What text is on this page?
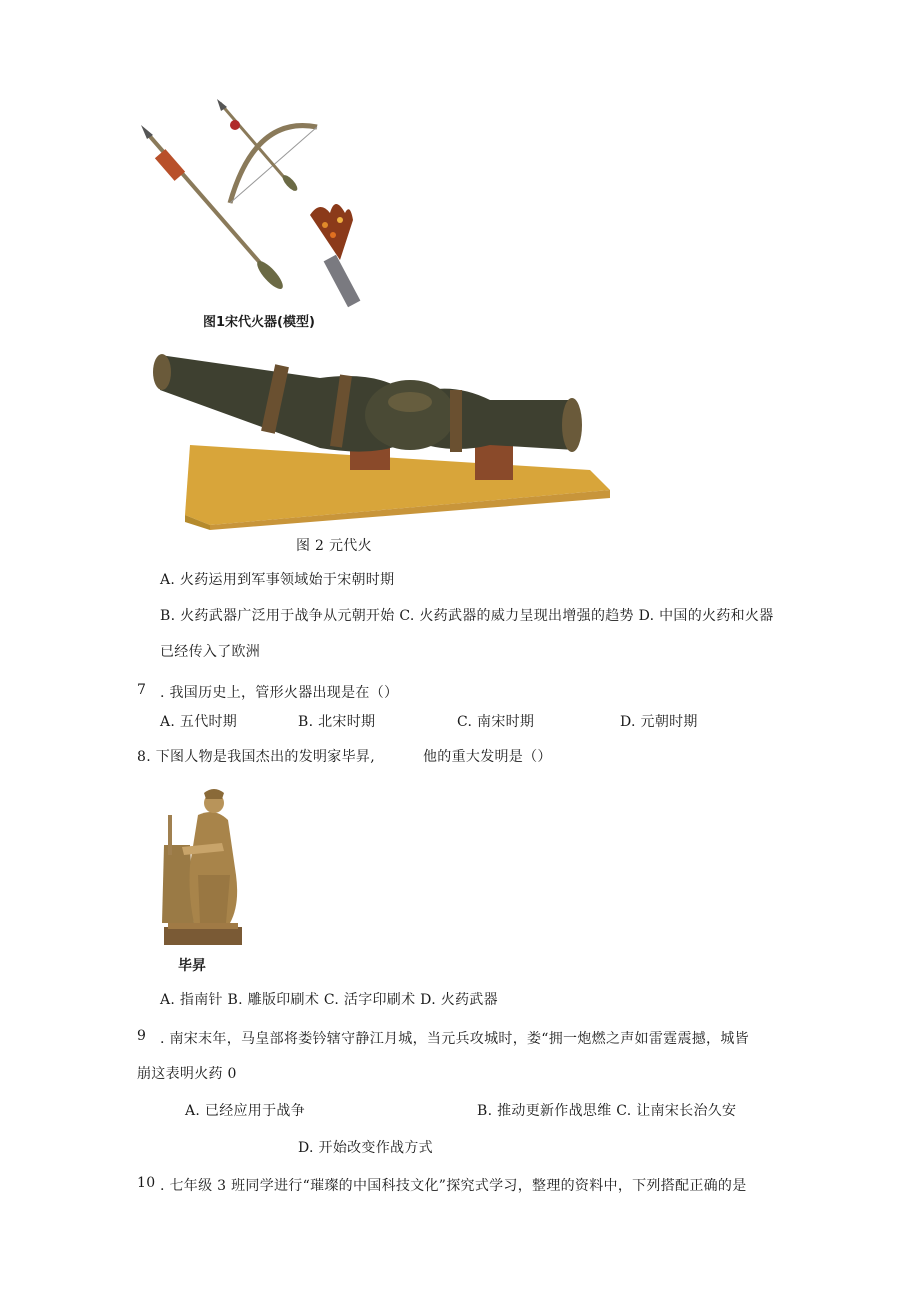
图1宋代火器(模型)
图 2 元代火
A. 火药运用到军事领域始于宋朝时期
B. 火药武器广泛用于战争从元朝开始 C. 火药武器的威力呈现出增强的趋势 D. 中国的火药和火器
已经传入了欧洲
7 . 我国历史上，管形火器出现是在（）
A. 五代时期	B. 北宋时期	C. 南宋时期	D. 元朝时期
8. 下图人物是我国杰出的发明家毕昇,	他的重大发明是（）
毕昇
A. 指南针 B. 雕版印刷术 C. 活字印刷术 D. 火药武器
9 . 南宋末年，马皇部将娄钤辖守静江月城，当元兵攻城时，娄“拥一炮燃之声如雷霆震撼，城皆
崩这表明火药 0
A. 已经应用于战争	B. 推动更新作战思维 C. 让南宋长治久安
D. 开始改变作战方式
10 . 七年级 3 班同学进行“璀璨的中国科技文化”探究式学习，整理的资料中，下列搭配正确的是
